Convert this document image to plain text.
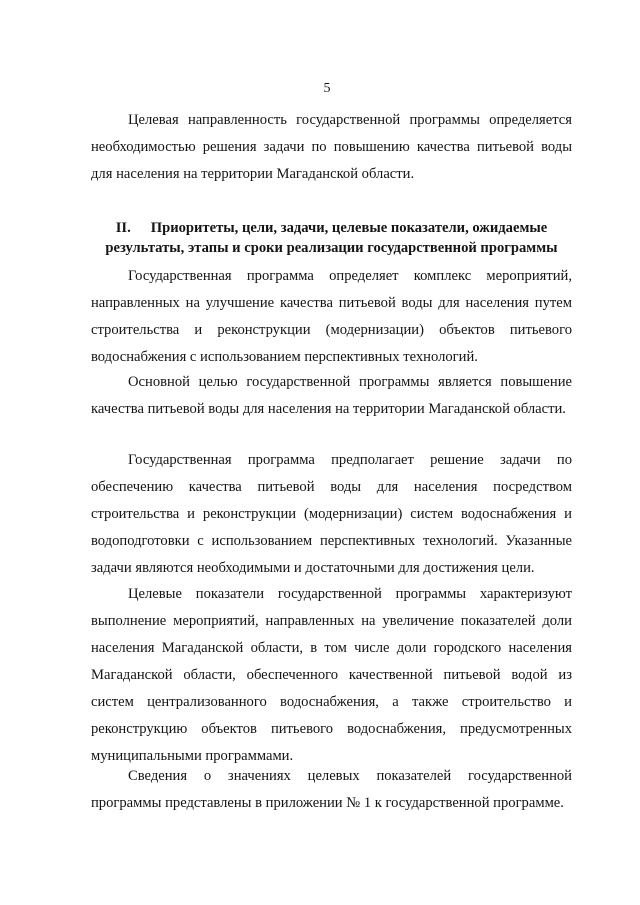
5

Целевая направленность государственной программы определяется необходимостью решения задачи по повышению качества питьевой воды для населения на территории Магаданской области.

II. Приоритеты, цели, задачи, целевые показатели, ожидаемые результаты, этапы и сроки реализации государственной программы

Государственная программа определяет комплекс мероприятий, направленных на улучшение качества питьевой воды для населения путем строительства и реконструкции (модернизации) объектов питьевого водоснабжения с использованием перспективных технологий.

Основной целью государственной программы является повышение качества питьевой воды для населения на территории Магаданской области.

Государственная программа предполагает решение задачи по обеспечению качества питьевой воды для населения посредством строительства и реконструкции (модернизации) систем водоснабжения и водоподготовки с использованием перспективных технологий. Указанные задачи являются необходимыми и достаточными для достижения цели.

Целевые показатели государственной программы характеризуют выполнение мероприятий, направленных на увеличение показателей доли населения Магаданской области, в том числе доли городского населения Магаданской области, обеспеченного качественной питьевой водой из систем централизованного водоснабжения, а также строительство и реконструкцию объектов питьевого водоснабжения, предусмотренных муниципальными программами.

Сведения о значениях целевых показателей государственной программы представлены в приложении № 1 к государственной программе.
